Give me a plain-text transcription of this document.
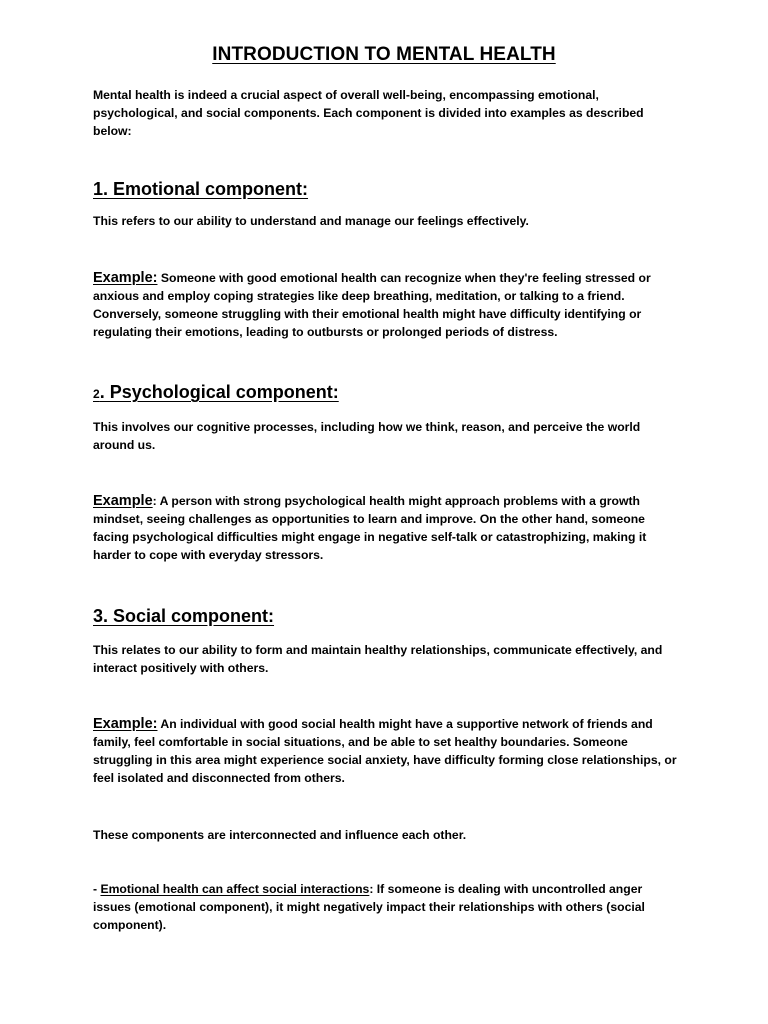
INTRODUCTION TO MENTAL HEALTH
Mental health is indeed a crucial aspect of overall well-being, encompassing emotional, psychological, and social components. Each component is divided into examples as described below:
1. Emotional component:
This refers to our ability to understand and manage our feelings effectively.
Example: Someone with good emotional health can recognize when they're feeling stressed or anxious and employ coping strategies like deep breathing, meditation, or talking to a friend. Conversely, someone struggling with their emotional health might have difficulty identifying or regulating their emotions, leading to outbursts or prolonged periods of distress.
2. Psychological component:
This involves our cognitive processes, including how we think, reason, and perceive the world around us.
Example: A person with strong psychological health might approach problems with a growth mindset, seeing challenges as opportunities to learn and improve. On the other hand, someone facing psychological difficulties might engage in negative self-talk or catastrophizing, making it harder to cope with everyday stressors.
3. Social component:
This relates to our ability to form and maintain healthy relationships, communicate effectively, and interact positively with others.
Example: An individual with good social health might have a supportive network of friends and family, feel comfortable in social situations, and be able to set healthy boundaries. Someone struggling in this area might experience social anxiety, have difficulty forming close relationships, or feel isolated and disconnected from others.
These components are interconnected and influence each other.
- Emotional health can affect social interactions: If someone is dealing with uncontrolled anger issues (emotional component), it might negatively impact their relationships with others (social component).
